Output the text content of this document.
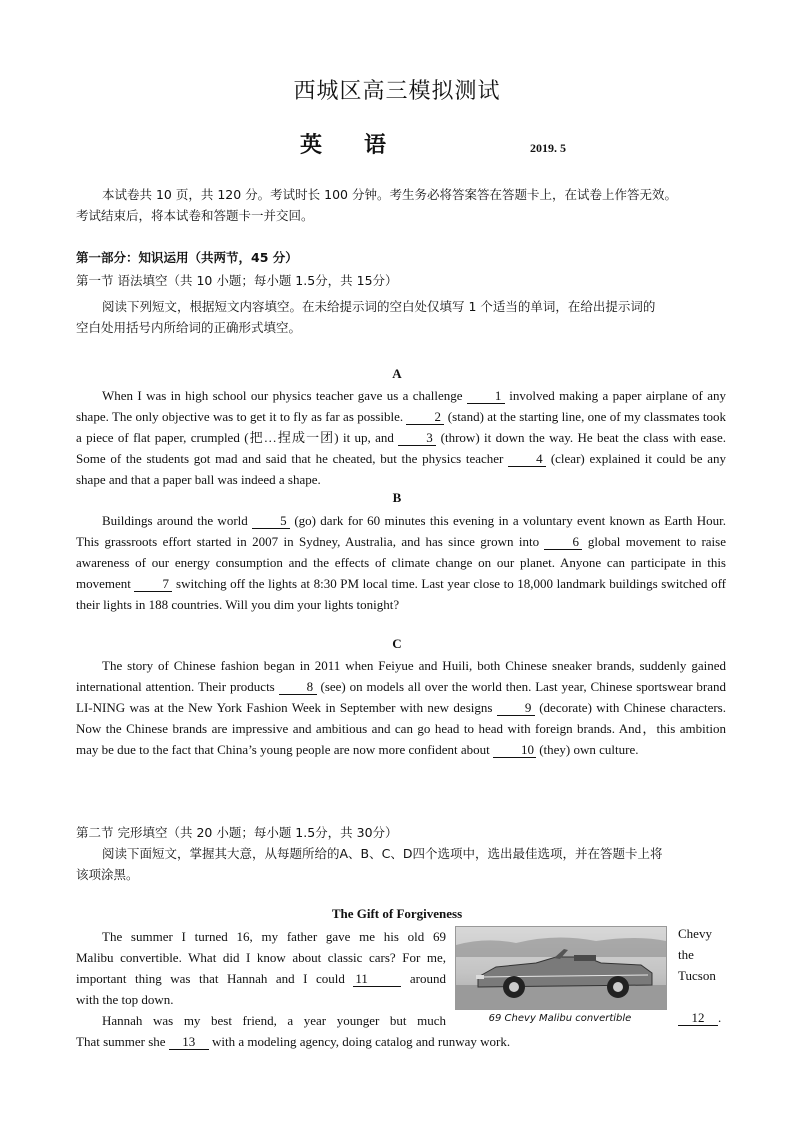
西城区高三模拟测试
英 语	2019. 5
本试卷共 10 页，共 120 分。考试时长 100 分钟。考生务必将答案答在答题卡上，在试卷上作答无效。
考试结束后，将本试卷和答题卡一并交回。
第一部分：知识运用（共两节，45 分）
第一节 语法填空（共 10 小题；每小题 1.5分，共 15分）
阅读下列短文，根据短文内容填空。在未给提示词的空白处仅填写 1 个适当的单词，在给出提示词的
空白处用括号内所给词的正确形式填空。
A
When I was in high school our physics teacher gave us a challenge 1 involved making a paper airplane of any shape. The only objective was to get it to fly as far as possible. 2 (stand) at the starting line, one of my classmates took a piece of flat paper, crumpled (把…捏成一团) it up, and 3 (throw) it down the way. He beat the class with ease. Some of the students got mad and said that he cheated, but the physics teacher 4 (clear) explained it could be any shape and that a paper ball was indeed a shape.
B
Buildings around the world 5 (go) dark for 60 minutes this evening in a voluntary event known as Earth Hour. This grassroots effort started in 2007 in Sydney, Australia, and has since grown into 6 global movement to raise awareness of our energy consumption and the effects of climate change on our planet. Anyone can participate in this movement 7 switching off the lights at 8:30 PM local time. Last year close to 18,000 landmark buildings switched off their lights in 188 countries. Will you dim your lights tonight?
C
The story of Chinese fashion began in 2011 when Feiyue and Huili, both Chinese sneaker brands, suddenly gained international attention. Their products 8 (see) on models all over the world then. Last year, Chinese sportswear brand LI-NING was at the New York Fashion Week in September with new designs 9 (decorate) with Chinese characters. Now the Chinese brands are impressive and ambitious and can go head to head with foreign brands. And，this ambition may be due to the fact that China’s young people are now more confident about 10 (they) own culture.
第二节 完形填空（共 20 小题；每小题 1.5分，共 30分）
阅读下面短文，掌握其大意，从每题所给的A、B、C、D四个选项中，选出最佳选项，并在答题卡上将
该项涂黑。
The Gift of Forgiveness
The summer I turned 16, my father gave me his old 69
Malibu convertible. What did I know about classic cars? For me,
important thing was that Hannah and I could 11	around
with the top down.
Hannah was my best friend, a year younger but much
Chevy
the
Tucson
12 .
That summer she 13 with a modeling agency, doing catalog and runway work.
69 Chevy Malibu convertible
